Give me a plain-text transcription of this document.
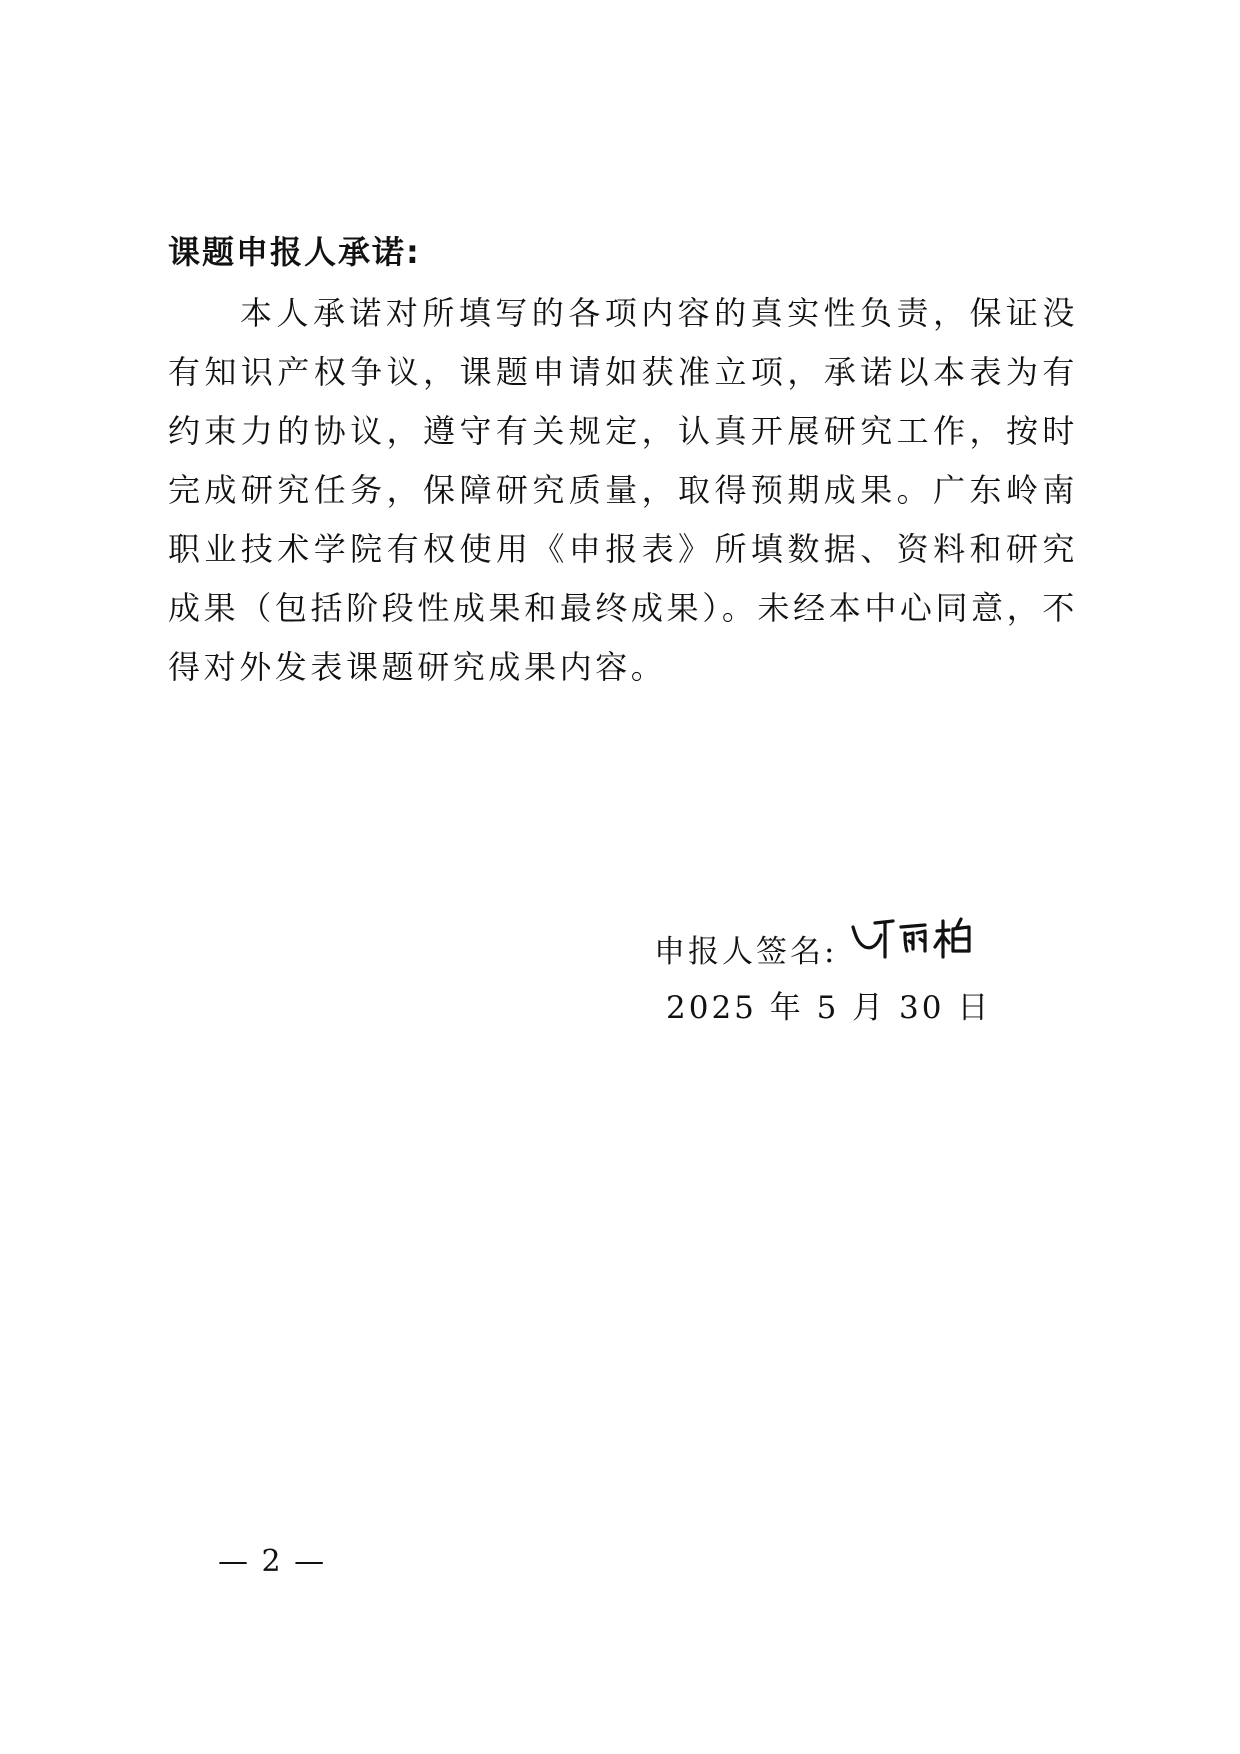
课题申报人承诺:

本人承诺对所填写的各项内容的真实性负责，保证没有知识产权争议，课题申请如获准立项，承诺以本表为有约束力的协议，遵守有关规定，认真开展研究工作，按时完成研究任务，保障研究质量，取得预期成果。广东岭南职业技术学院有权使用《申报表》所填数据、资料和研究成果（包括阶段性成果和最终成果）。未经本中心同意，不得对外发表课题研究成果内容。

申报人签名:
2025 年 5 月 30 日
— 2 —
